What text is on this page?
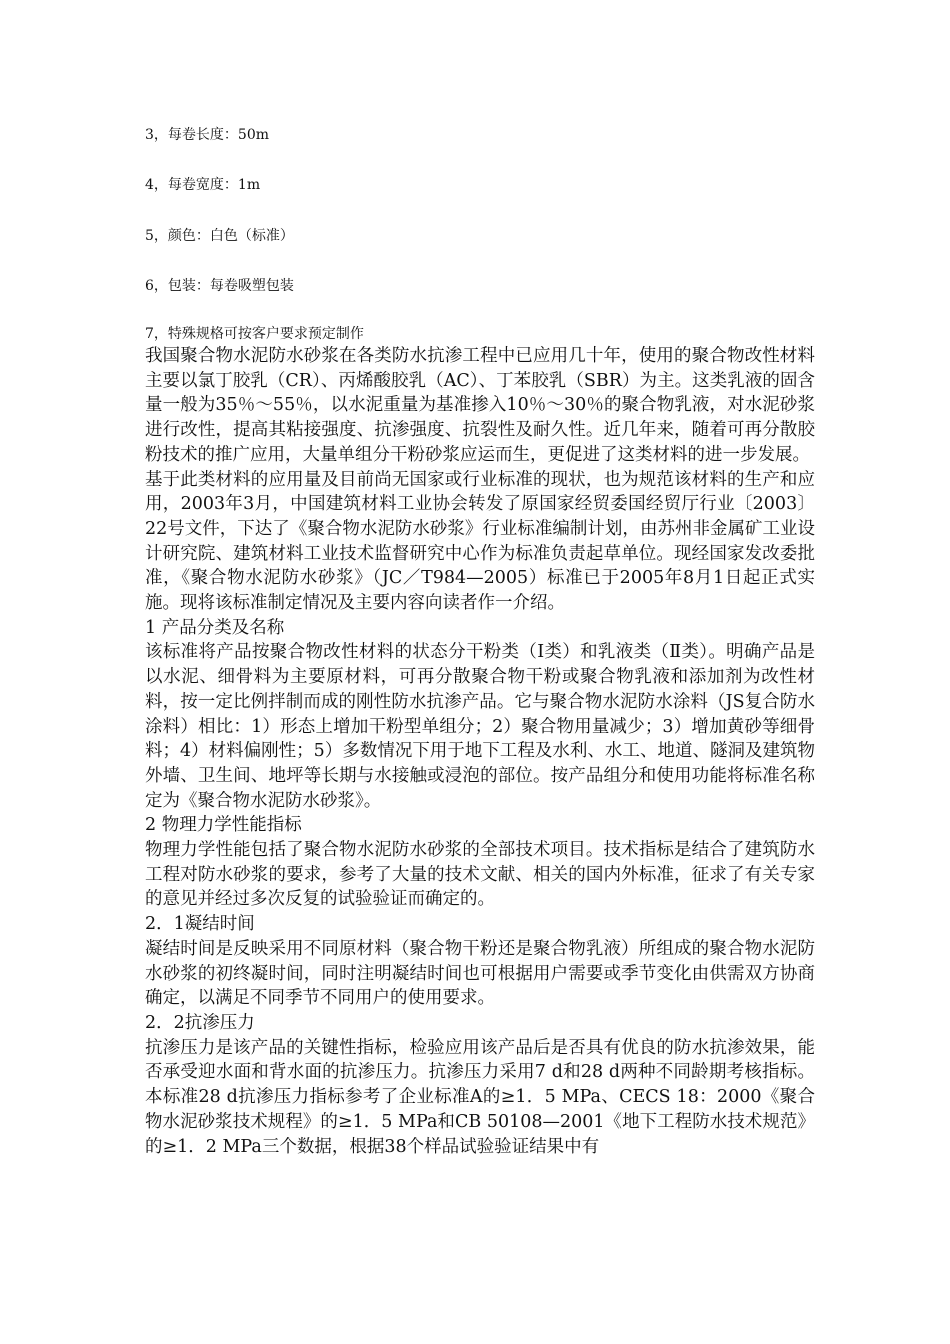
3，每卷长度：50m
4，每卷宽度：1m
5，颜色：白色（标准）
6，包装：每卷吸塑包装
7，特殊规格可按客户要求预定制作

我国聚合物水泥防水砂浆在各类防水抗渗工程中已应用几十年，使用的聚合物改性材料主要以氯丁胶乳（CR）、丙烯酸胶乳（AC）、丁苯胶乳（SBR）为主。这类乳液的固含量一般为35％～55％，以水泥重量为基准掺入10％～30％的聚合物乳液，对水泥砂浆进行改性，提高其粘接强度、抗渗强度、抗裂性及耐久性。近几年来，随着可再分散胶粉技术的推广应用，大量单组分干粉砂浆应运而生，更促进了这类材料的进一步发展。

基于此类材料的应用量及目前尚无国家或行业标准的现状，也为规范该材料的生产和应用，2003年3月，中国建筑材料工业协会转发了原国家经贸委国经贸厅行业〔2003〕22号文件，下达了《聚合物水泥防水砂浆》行业标准编制计划，由苏州非金属矿工业设计研究院、建筑材料工业技术监督研究中心作为标准负责起草单位。现经国家发改委批准，《聚合物水泥防水砂浆》（JC／T984—2005）标准已于2005年8月1日起正式实施。现将该标准制定情况及主要内容向读者作一介绍。

1 产品分类及名称

该标准将产品按聚合物改性材料的状态分干粉类（Ⅰ类）和乳液类（Ⅱ类）。明确产品是以水泥、细骨料为主要原材料，可再分散聚合物干粉或聚合物乳液和添加剂为改性材料，按一定比例拌制而成的刚性防水抗渗产品。它与聚合物水泥防水涂料（JS复合防水涂料）相比：1）形态上增加干粉型单组分；2）聚合物用量减少；3）增加黄砂等细骨料；4）材料偏刚性；5）多数情况下用于地下工程及水利、水工、地道、隧洞及建筑物外墙、卫生间、地坪等长期与水接触或浸泡的部位。按产品组分和使用功能将标准名称定为《聚合物水泥防水砂浆》。

2 物理力学性能指标

物理力学性能包括了聚合物水泥防水砂浆的全部技术项目。技术指标是结合了建筑防水工程对防水砂浆的要求，参考了大量的技术文献、相关的国内外标准，征求了有关专家的意见并经过多次反复的试验验证而确定的。

2．1凝结时间

凝结时间是反映采用不同原材料（聚合物干粉还是聚合物乳液）所组成的聚合物水泥防水砂浆的初终凝时间，同时注明凝结时间也可根据用户需要或季节变化由供需双方协商确定，以满足不同季节不同用户的使用要求。

2．2抗渗压力

抗渗压力是该产品的关键性指标，检验应用该产品后是否具有优良的防水抗渗效果，能否承受迎水面和背水面的抗渗压力。抗渗压力采用7 d和28 d两种不同龄期考核指标。本标准28 d抗渗压力指标参考了企业标准A的≥1．5 MPa、CECS 18：2000《聚合物水泥砂浆技术规程》的≥1．5 MPa和CB 50108—2001《地下工程防水技术规范》的≥1．2 MPa三个数据，根据38个样品试验验证结果中有
